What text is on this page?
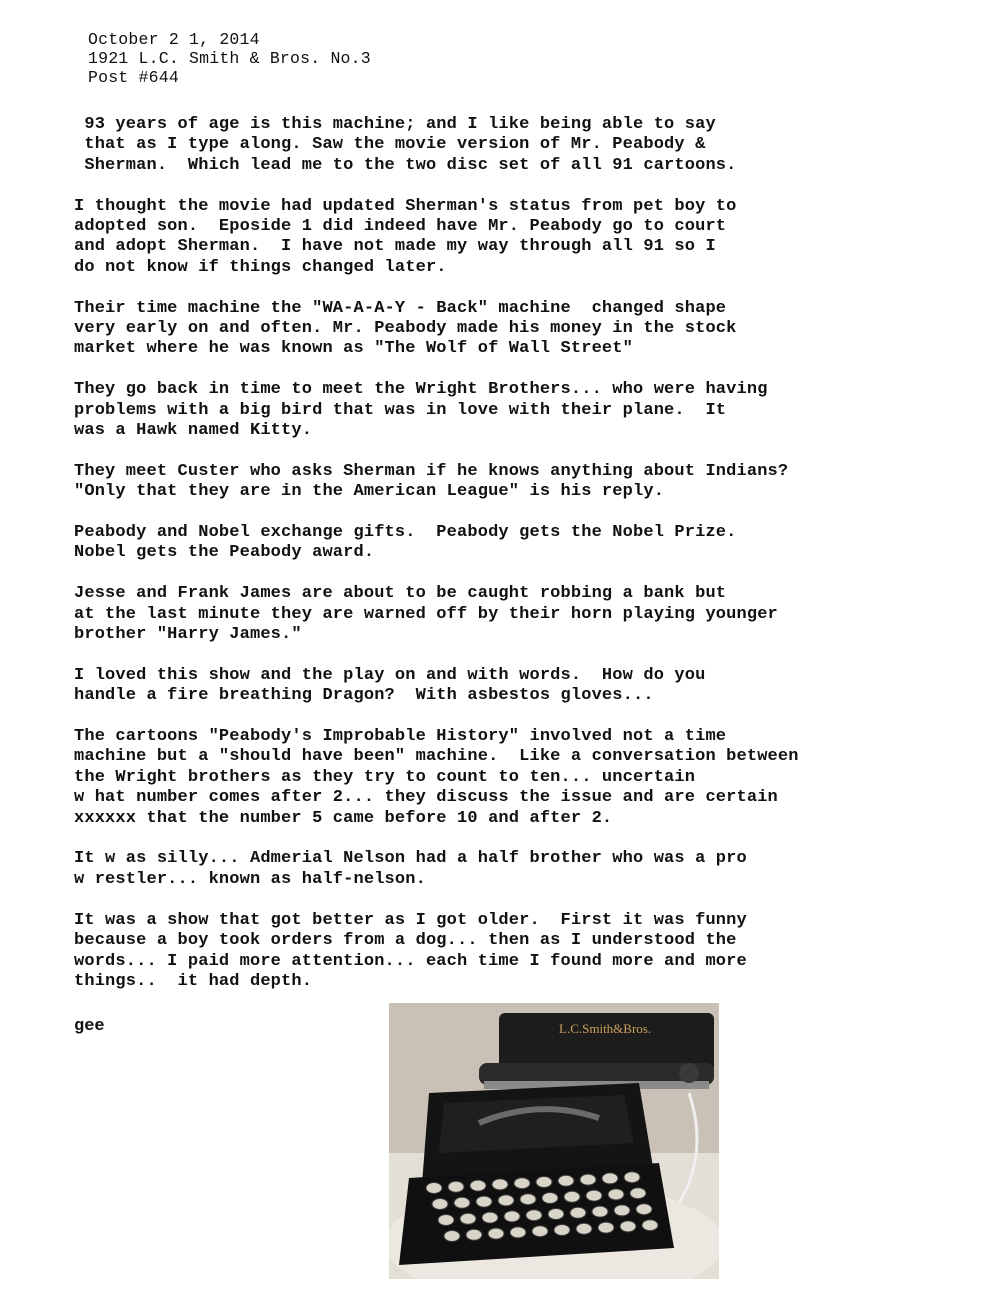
October 2 1, 2014
1921 L.C. Smith & Bros. No.3
Post #644
93 years of age is this machine; and I like being able to say
that as I type along. Saw the movie version of Mr. Peabody &
Sherman.  Which lead me to the two disc set of all 91 cartoons.
I thought the movie had updated Sherman's status from pet boy to
adopted son.  Eposide 1 did indeed have Mr. Peabody go to court
and adopt Sherman.  I have not made my way through all 91 so I
do not know if things changed later.
Their time machine the "WA-A-A-Y - Back" machine  changed shape
very early on and often. Mr. Peabody made his money in the stock
market where he was known as "The Wolf of Wall Street"
They go back in time to meet the Wright Brothers... who were having
problems with a big bird that was in love with their plane.  It
was a Hawk named Kitty.
They meet Custer who asks Sherman if he knows anything about Indians?
"Only that they are in the American League" is his reply.
Peabody and Nobel exchange gifts.  Peabody gets the Nobel Prize.
Nobel gets the Peabody award.
Jesse and Frank James are about to be caught robbing a bank but
at the last minute they are warned off by their horn playing younger
brother "Harry James."
I loved this show and the play on and with words.  How do you
handle a fire breathing Dragon?  With asbestos gloves...
The cartoons "Peabody's Improbable History" involved not a time
machine but a "should have been" machine.  Like a conversation between
the Wright brothers as they try to count to ten... uncertain
w hat number comes after 2... they discuss the issue and are certain
xxxxxx that the number 5 came before 10 and after 2.
It w as silly... Admerial Nelson had a half brother who was a pro
w restler... known as half-nelson.
It was a show that got better as I got older.  First it was funny
because a boy took orders from a dog... then as I understood the
words... I paid more attention... each time I found more and more
things..  it had depth.
gee	L.C.Smith&Bros.
